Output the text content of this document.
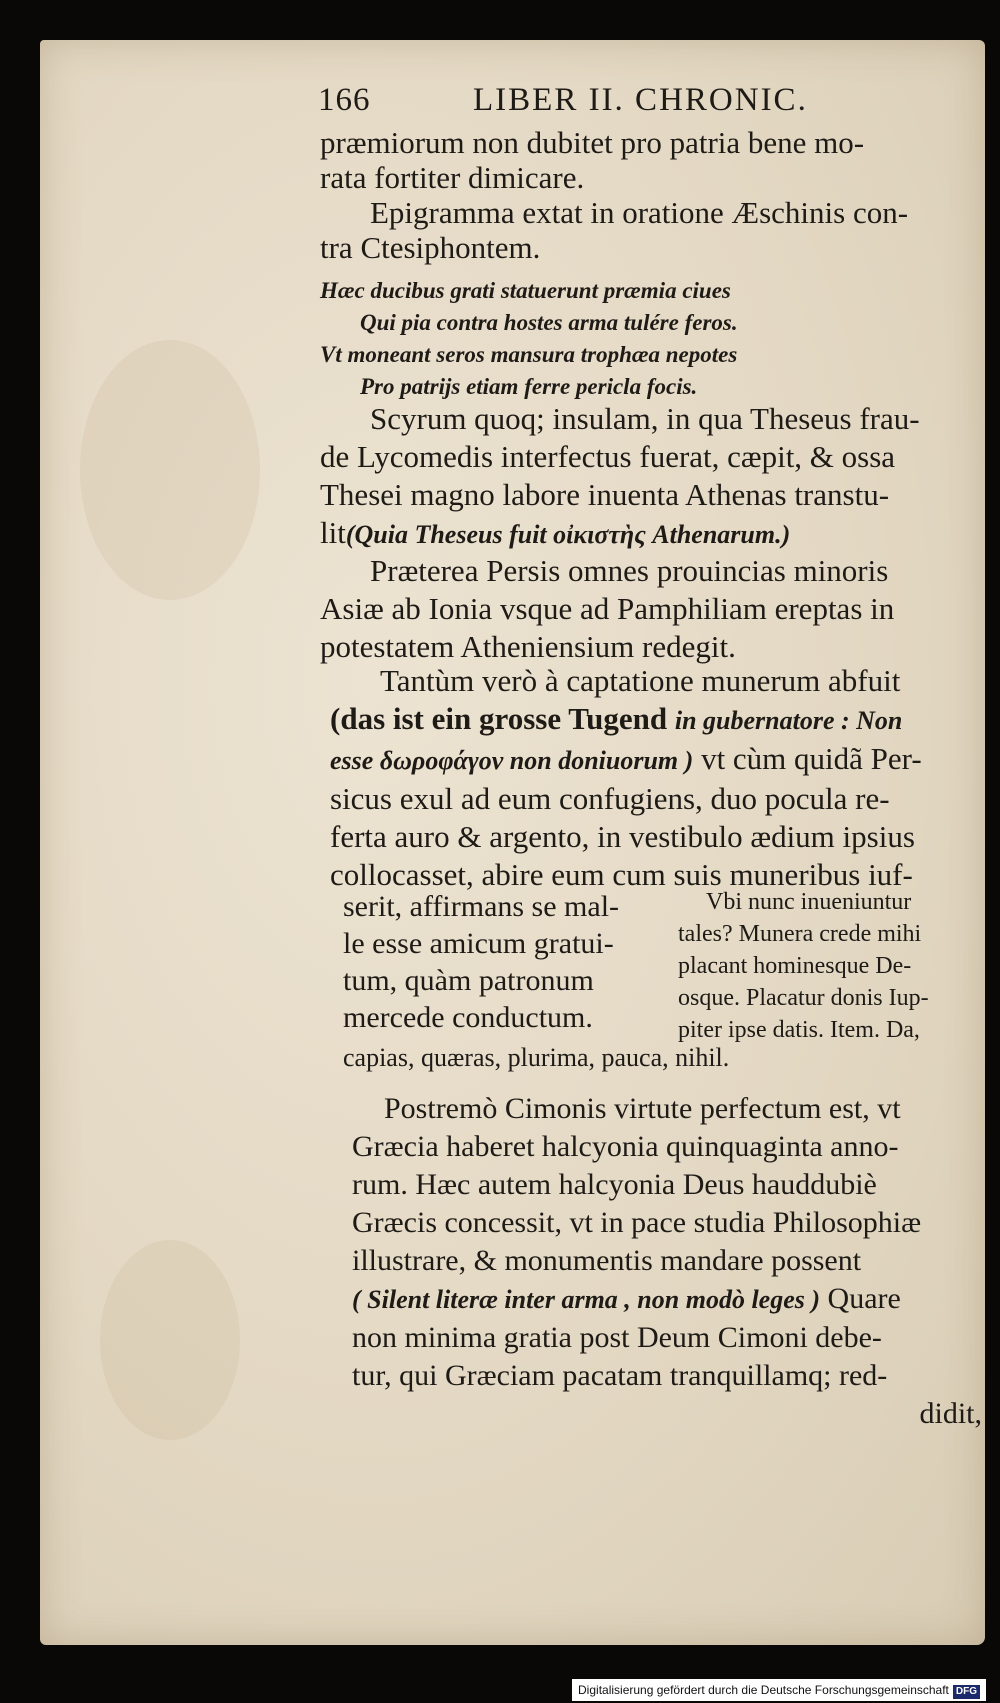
166	LIBER II. CHRONIC.
præmiorum non dubitet pro patria bene mo-
rata fortiter dimicare.
Epigramma extat in oratione Æschinis con-
tra Ctesiphontem.
Hæc ducibus grati statuerunt præmia ciues
Qui pia contra hostes arma tulére feros.
Vt moneant seros mansura trophæa nepotes
Pro patrijs etiam ferre pericla focis.
Scyrum quoq; insulam, in qua Theseus frau-
de Lycomedis interfectus fuerat, cæpit, & ossa
Thesei magno labore inuenta Athenas transtu-
lit(Quia Theseus fuit οἰκιστὴς Athenarum.)
Præterea Persis omnes prouincias minoris
Asiæ ab Ionia vsque ad Pamphiliam ereptas in
potestatem Atheniensium redegit.
Tantùm verò à captatione munerum abfuit
(das ist ein grosse Tugend in gubernatore : Non
esse δωροφάγον non doniuorum ) vt cùm quidã Per-
sicus exul ad eum confugiens, duo pocula re-
ferta auro & argento, in vestibulo ædium ipsius
collocasset, abire eum cum suis muneribus iuf-
serit, affirmans se mal-
le esse amicum gratui-
tum, quàm patronum
mercede conductum.
Vbi nunc inueniuntur
tales? Munera crede mihi
placant hominesque De-
osque. Placatur donis Iup-
piter ipse datis. Item. Da,
capias, quæras, plurima, pauca, nihil.
Postremò Cimonis virtute perfectum est, vt
Græcia haberet halcyonia quinquaginta anno-
rum. Hæc autem halcyonia Deus hauddubiè
Græcis concessit, vt in pace studia Philosophiæ
illustrare, & monumentis mandare possent
( Silent literæ inter arma , non modò leges ) Quare
non minima gratia post Deum Cimoni debe-
tur, qui Græciam pacatam tranquillamq; red-
didit,
Digitalisierung gefördert durch die Deutsche Forschungsgemeinschaft DFG
